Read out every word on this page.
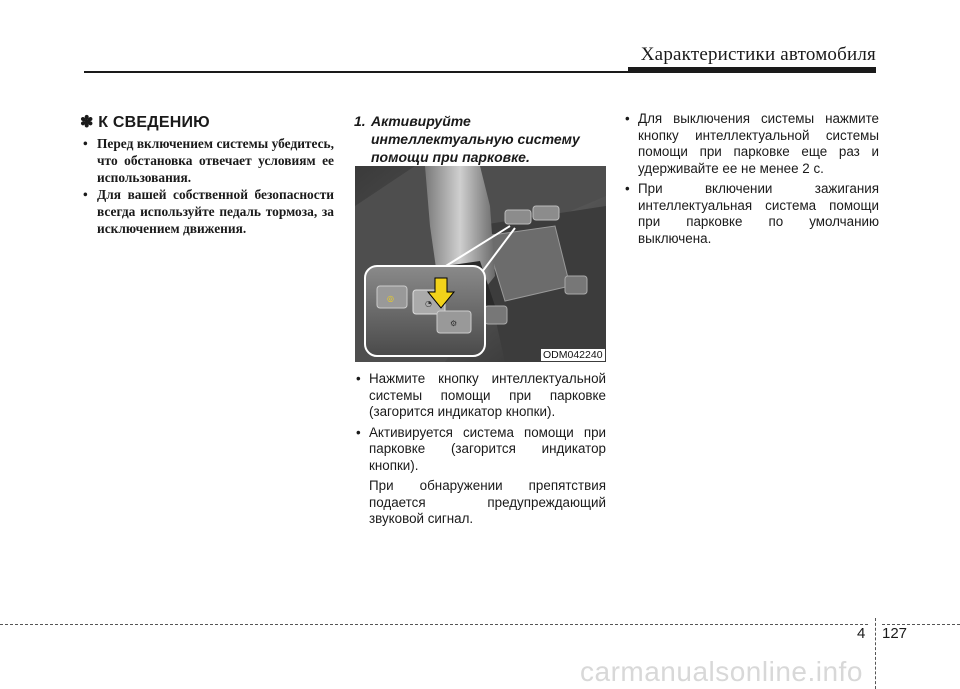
Характеристики автомобиля
✽ К СВЕДЕНИЮ
• Перед включением системы убедитесь, что обстановка отвечает условиям ее использования.
• Для вашей собственной безопасности всегда используйте педаль тормоза, за исключением движения.
1. Активируйте интеллектуальную систему помощи при парковке.
◎
◔
⚙
ODM042240
• Нажмите кнопку интеллектуальной системы помощи при парковке (загорится индикатор кнопки).
• Активируется система помощи при парковке (загорится индикатор кнопки).
При обнаружении препятствия
подается предупреждающий
звуковой сигнал.
• Для выключения системы нажмите кнопку интеллектуальной системы помощи при парковке еще раз и удерживайте ее не менее 2 с.
• При включении зажигания интеллектуальная система помощи при парковке по умолчанию выключена.
4 127
carmanualsonline.info
